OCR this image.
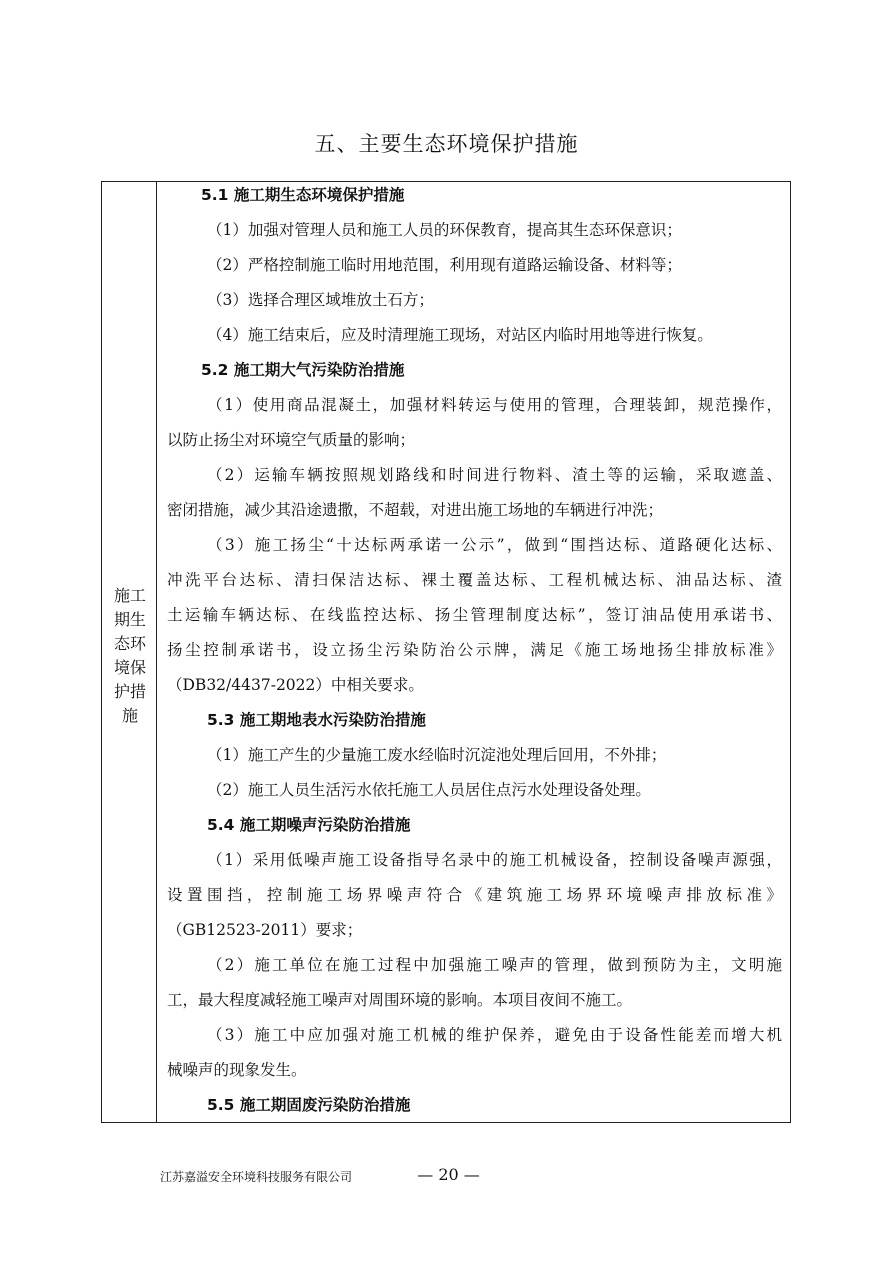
五、主要生态环境保护措施
施工期生态环境保护措施
5.1 施工期生态环境保护措施
（1）加强对管理人员和施工人员的环保教育，提高其生态环保意识；
（2）严格控制施工临时用地范围，利用现有道路运输设备、材料等；
（3）选择合理区域堆放土石方；
（4）施工结束后，应及时清理施工现场，对站区内临时用地等进行恢复。
5.2 施工期大气污染防治措施
（1）使用商品混凝土，加强材料转运与使用的管理，合理装卸，规范操作，
以防止扬尘对环境空气质量的影响；
（2）运输车辆按照规划路线和时间进行物料、渣土等的运输，采取遮盖、
密闭措施，减少其沿途遗撒，不超载，对进出施工场地的车辆进行冲洗；
（3）施工扬尘“十达标两承诺一公示”，做到“围挡达标、道路硬化达标、
冲洗平台达标、清扫保洁达标、裸土覆盖达标、工程机械达标、油品达标、渣
土运输车辆达标、在线监控达标、扬尘管理制度达标”，签订油品使用承诺书、
扬尘控制承诺书，设立扬尘污染防治公示牌，满足《施工场地扬尘排放标准》
（DB32/4437-2022）中相关要求。
5.3 施工期地表水污染防治措施
（1）施工产生的少量施工废水经临时沉淀池处理后回用，不外排；
（2）施工人员生活污水依托施工人员居住点污水处理设备处理。
5.4 施工期噪声污染防治措施
（1）采用低噪声施工设备指导名录中的施工机械设备，控制设备噪声源强，
设置围挡，控制施工场界噪声符合《建筑施工场界环境噪声排放标准》
（GB12523-2011）要求；
（2）施工单位在施工过程中加强施工噪声的管理，做到预防为主，文明施
工，最大程度减轻施工噪声对周围环境的影响。本项目夜间不施工。
（3）施工中应加强对施工机械的维护保养，避免由于设备性能差而增大机
械噪声的现象发生。
5.5 施工期固废污染防治措施
江苏嘉溢安全环境科技服务有限公司	— 20 —
